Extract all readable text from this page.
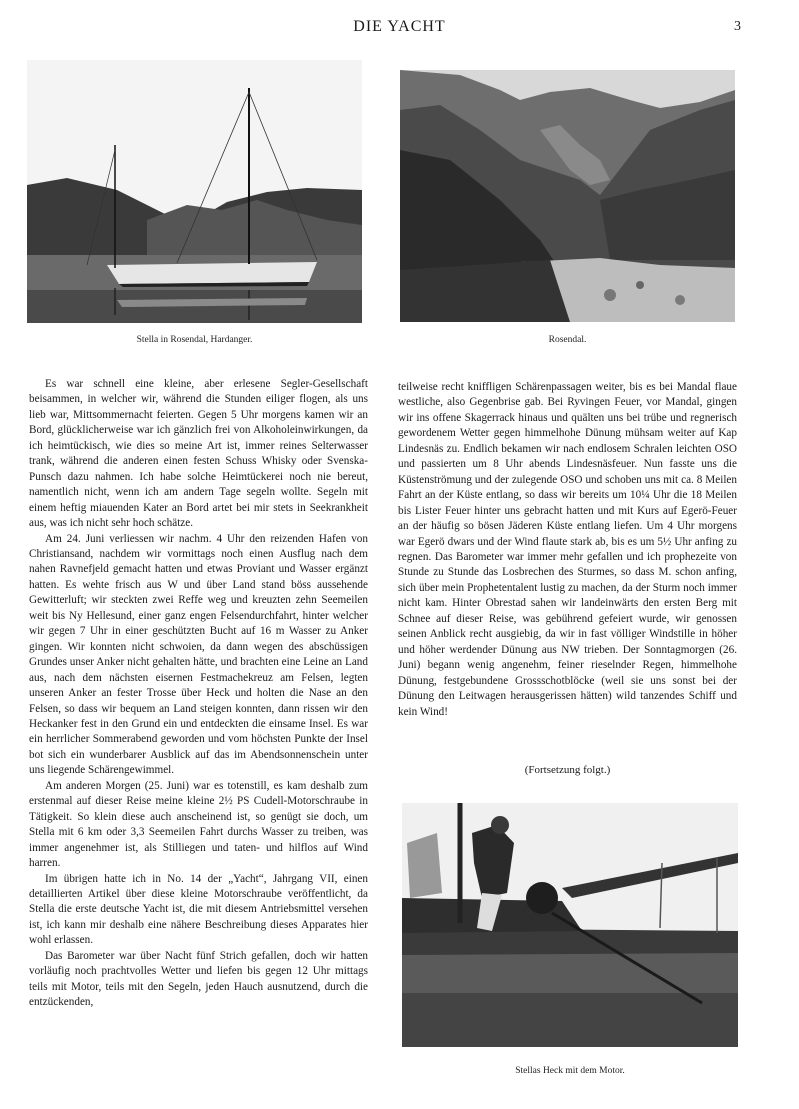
DIE YACHT	3
Stella in Rosendal, Hardanger.	Rosendal.

Es war schnell eine kleine, aber erlesene Segler-Gesellschaft beisammen, in welcher wir, während die Stunden eiliger flogen, als uns lieb war, Mittsommernacht feierten. Gegen 5 Uhr morgens kamen wir an Bord, glücklicherweise war ich gänzlich frei von Alkoholeinwirkungen, da ich heimtückisch, wie dies so meine Art ist, immer reines Selterwasser trank, während die anderen einen festen Schuss Whisky oder Svenska-Punsch dazu nahmen. Ich habe solche Heimtückerei noch nie bereut, namentlich nicht, wenn ich am andern Tage segeln wollte. Segeln mit einem heftig miauenden Kater an Bord artet bei mir stets in Seekrankheit aus, was ich nicht sehr hoch schätze.

Am 24. Juni verliessen wir nachm. 4 Uhr den reizenden Hafen von Christiansand, nachdem wir vormittags noch einen Ausflug nach dem nahen Ravnefjeld gemacht hatten und etwas Proviant und Wasser ergänzt hatten. Es wehte frisch aus W und über Land stand böss aussehende Gewitterluft; wir steckten zwei Reffe weg und kreuzten zehn Seemeilen weit bis Ny Hellesund, einer ganz engen Felsendurchfahrt, hinter welcher wir gegen 7 Uhr in einer geschützten Bucht auf 16 m Wasser zu Anker gingen. Wir konnten nicht schwoien, da dann wegen des abschüssigen Grundes unser Anker nicht gehalten hätte, und brachten eine Leine an Land aus, nach dem nächsten eisernen Festmachekreuz am Felsen, legten unseren Anker an fester Trosse über Heck und holten die Nase an den Felsen, so dass wir bequem an Land steigen konnten, dann rissen wir den Heckanker fest in den Grund ein und entdeckten die einsame Insel. Es war ein herrlicher Sommerabend geworden und vom höchsten Punkte der Insel bot sich ein wunderbarer Ausblick auf das im Abendsonnenschein unter uns liegende Schärengewimmel.

Am anderen Morgen (25. Juni) war es totenstill, es kam deshalb zum erstenmal auf dieser Reise meine kleine 2½ PS Cudell-Motorschraube in Tätigkeit. So klein diese auch anscheinend ist, so genügt sie doch, um Stella mit 6 km oder 3,3 Seemeilen Fahrt durchs Wasser zu treiben, was immer angenehmer ist, als Stilliegen und taten- und hilflos auf Wind harren.

Im übrigen hatte ich in No. 14 der „Yacht“, Jahrgang VII, einen detaillierten Artikel über diese kleine Motorschraube veröffentlicht, da Stella die erste deutsche Yacht ist, die mit diesem Antriebsmittel versehen ist, ich kann mir deshalb eine nähere Beschreibung dieses Apparates hier wohl erlassen.

Das Barometer war über Nacht fünf Strich gefallen, doch wir hatten vorläufig noch prachtvolles Wetter und liefen bis gegen 12 Uhr mittags teils mit Motor, teils mit den Segeln, jeden Hauch ausnutzend, durch die entzückenden,

teilweise recht kniffligen Schärenpassagen weiter, bis es bei Mandal flaue westliche, also Gegenbrise gab. Bei Ryvingen Feuer, vor Mandal, gingen wir ins offene Skagerrack hinaus und quälten uns bei trübe und regnerisch gewordenem Wetter gegen himmelhohe Dünung mühsam weiter auf Kap Lindesnäs zu. Endlich bekamen wir nach endlosem Schralen leichten OSO und passierten um 8 Uhr abends Lindesnäsfeuer. Nun fasste uns die Küstenströmung und der zulegende OSO und schoben uns mit ca. 8 Meilen Fahrt an der Küste entlang, so dass wir bereits um 10¼ Uhr die 18 Meilen bis Lister Feuer hinter uns gebracht hatten und mit Kurs auf Egerö-Feuer an der häufig so bösen Jäderen Küste entlang liefen. Um 4 Uhr morgens war Egerö dwars und der Wind flaute stark ab, bis es um 5½ Uhr anfing zu regnen. Das Barometer war immer mehr gefallen und ich prophezeite von Stunde zu Stunde das Losbrechen des Sturmes, so dass M. schon anfing, sich über mein Prophetentalent lustig zu machen, da der Sturm noch immer nicht kam. Hinter Obrestad sahen wir landeinwärts den ersten Berg mit Schnee auf dieser Reise, was gebührend gefeiert wurde, wir genossen seinen Anblick recht ausgiebig, da wir in fast völliger Windstille in höher und höher werdender Dünung aus NW trieben. Der Sonntagmorgen (26. Juni) begann wenig angenehm, feiner rieselnder Regen, himmelhohe Dünung, festgebundene Grossschotblöcke (weil sie uns sonst bei der Dünung den Leitwagen herausgerissen hätten) wild tanzendes Schiff und kein Wind!

(Fortsetzung folgt.)
Stellas Heck mit dem Motor.
